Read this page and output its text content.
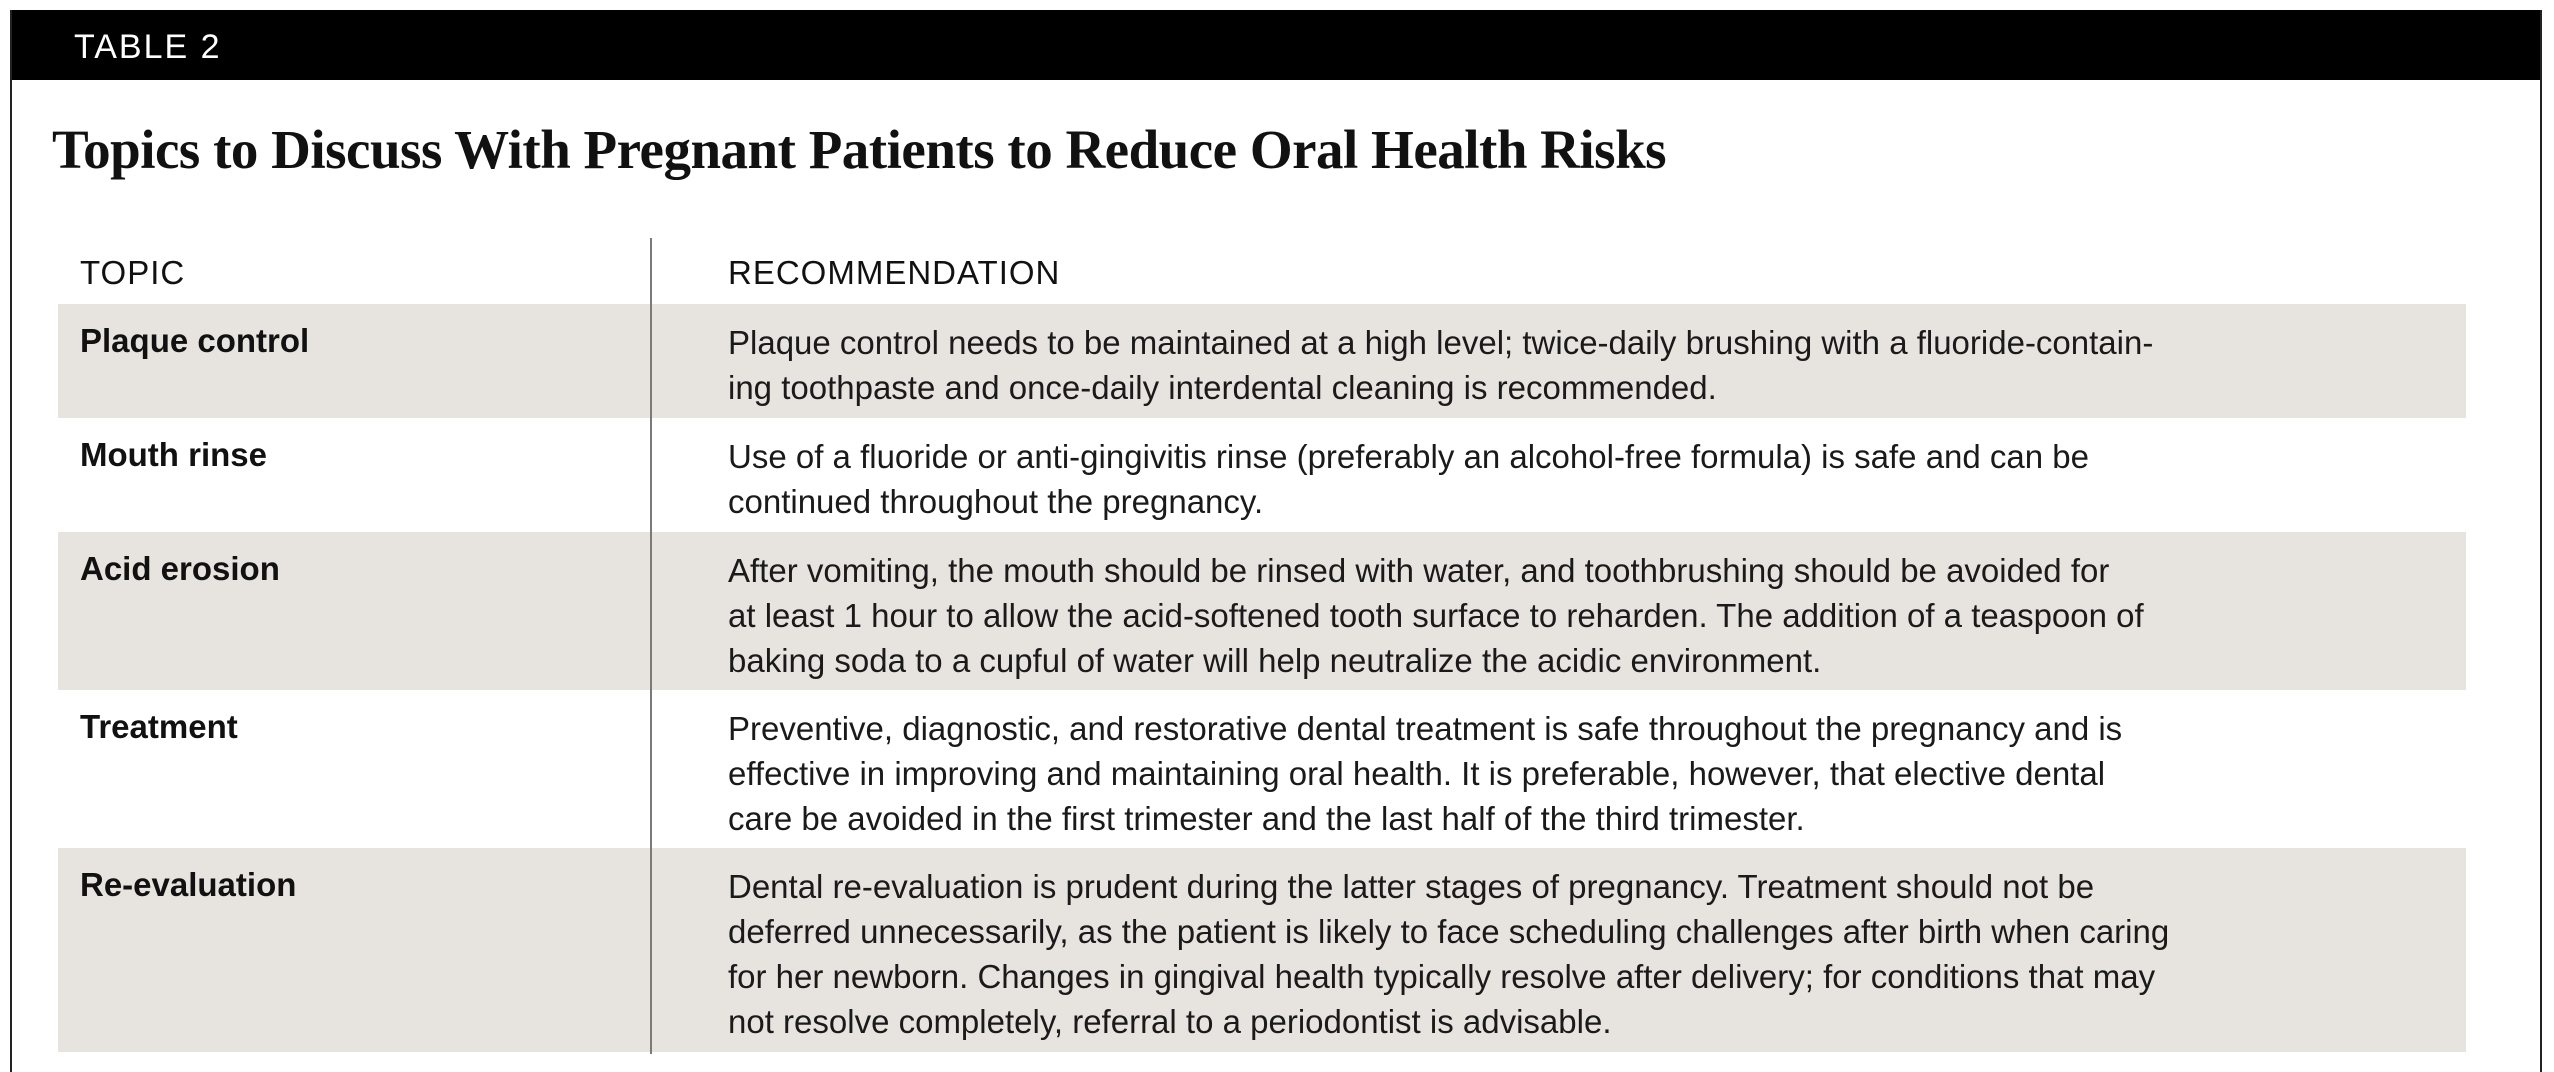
TABLE 2
Topics to Discuss With Pregnant Patients to Reduce Oral Health Risks
TOPIC	RECOMMENDATION
Plaque control	Plaque control needs to be maintained at a high level; twice-daily brushing with a fluoride-contain-
ing toothpaste and once-daily interdental cleaning is recommended.
Mouth rinse	Use of a fluoride or anti-gingivitis rinse (preferably an alcohol-free formula) is safe and can be
continued throughout the pregnancy.
Acid erosion	After vomiting, the mouth should be rinsed with water, and toothbrushing should be avoided for
at least 1 hour to allow the acid-softened tooth surface to reharden. The addition of a teaspoon of
baking soda to a cupful of water will help neutralize the acidic environment.
Treatment	Preventive, diagnostic, and restorative dental treatment is safe throughout the pregnancy and is
effective in improving and maintaining oral health. It is preferable, however, that elective dental
care be avoided in the first trimester and the last half of the third trimester.
Re-evaluation	Dental re-evaluation is prudent during the latter stages of pregnancy. Treatment should not be
deferred unnecessarily, as the patient is likely to face scheduling challenges after birth when caring
for her newborn. Changes in gingival health typically resolve after delivery; for conditions that may
not resolve completely, referral to a periodontist is advisable.
